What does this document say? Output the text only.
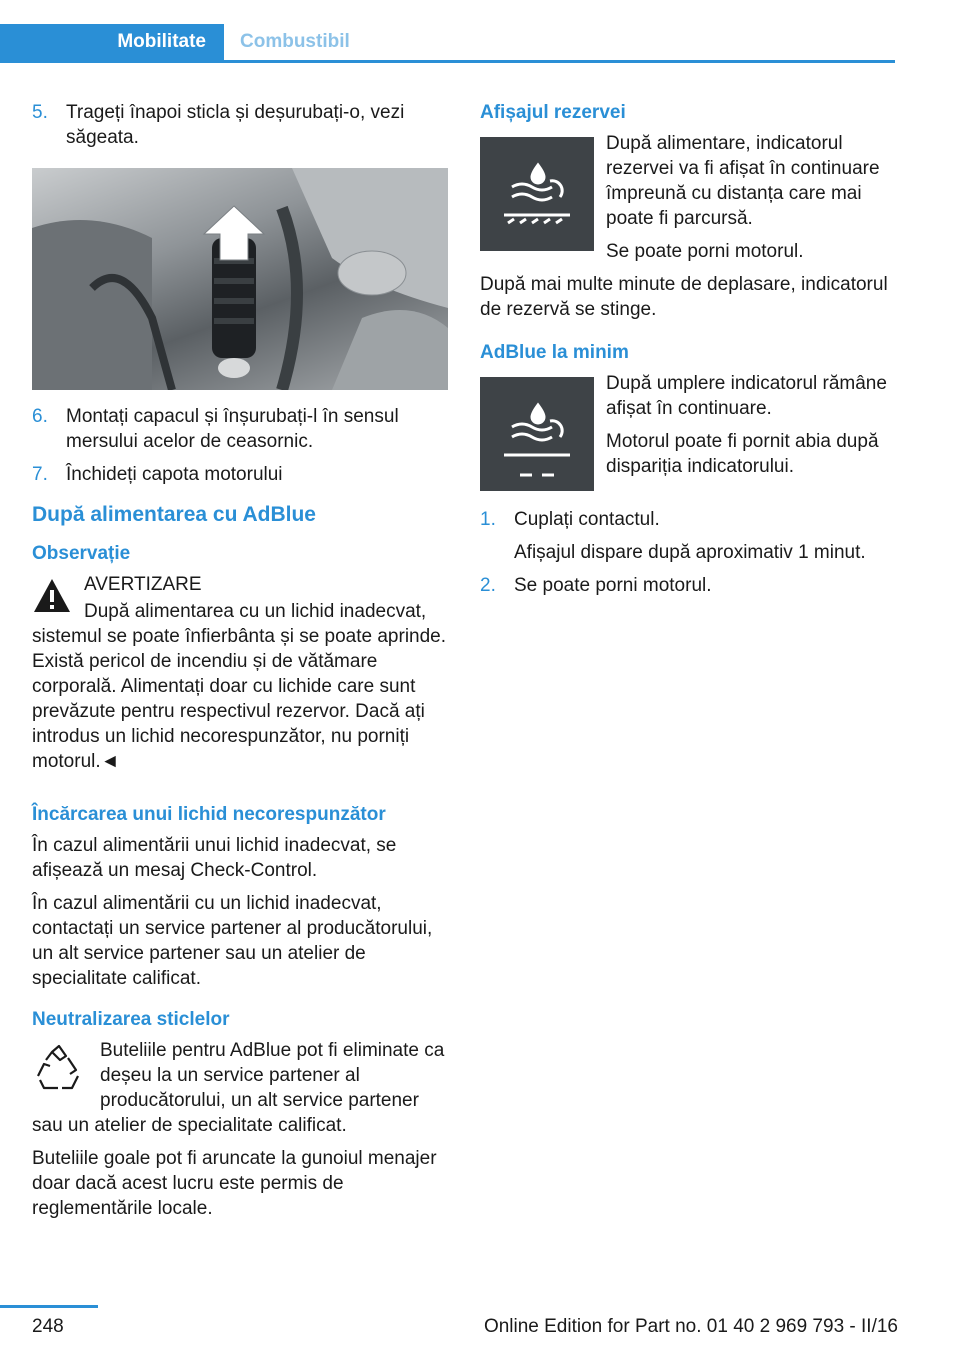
Mobilitate	Combustibil
5. Trageți înapoi sticla și deșurubați-o, vezi săgeata.
6. Montați capacul și înșurubați-l în sensul mersului acelor de ceasornic.
7. Închideți capota motorului
După alimentarea cu AdBlue
Observație

AVERTIZARE

După alimentarea cu un lichid inadecvat, sistemul se poate înfierbânta și se poate aprinde. Există pericol de incendiu și de vătămare corporală. Alimentați doar cu lichide care sunt prevăzute pentru respectivul rezervor. Dacă ați introdus un lichid necorespunzător, nu porniți motorul.◄

Încărcarea unui lichid necorespunzător

În cazul alimentării unui lichid inadecvat, se afișează un mesaj Check-Control.

În cazul alimentării cu un lichid inadecvat, contactați un service partener al producătorului, un alt service partener sau un atelier de specialitate calificat.

Neutralizarea sticlelor

Buteliile pentru AdBlue pot fi eliminate ca deșeu la un service partener al producătorului, un alt service partener sau un atelier de specialitate calificat.

Buteliile goale pot fi aruncate la gunoiul menajer doar dacă acest lucru este permis de reglementările locale.

Afișajul rezervei

După alimentare, indicatorul rezervei va fi afișat în continuare împreună cu distanța care mai poate fi parcursă.

Se poate porni motorul.

După mai multe minute de deplasare, indicatorul de rezervă se stinge.

AdBlue la minim

După umplere indicatorul rămâne afișat în continuare.

Motorul poate fi pornit abia după dispariția indicatorului.

1. Cuplați contactul.

Afișajul dispare după aproximativ 1 minut.

2. Se poate porni motorul.
248	Online Edition for Part no. 01 40 2 969 793 - II/16
